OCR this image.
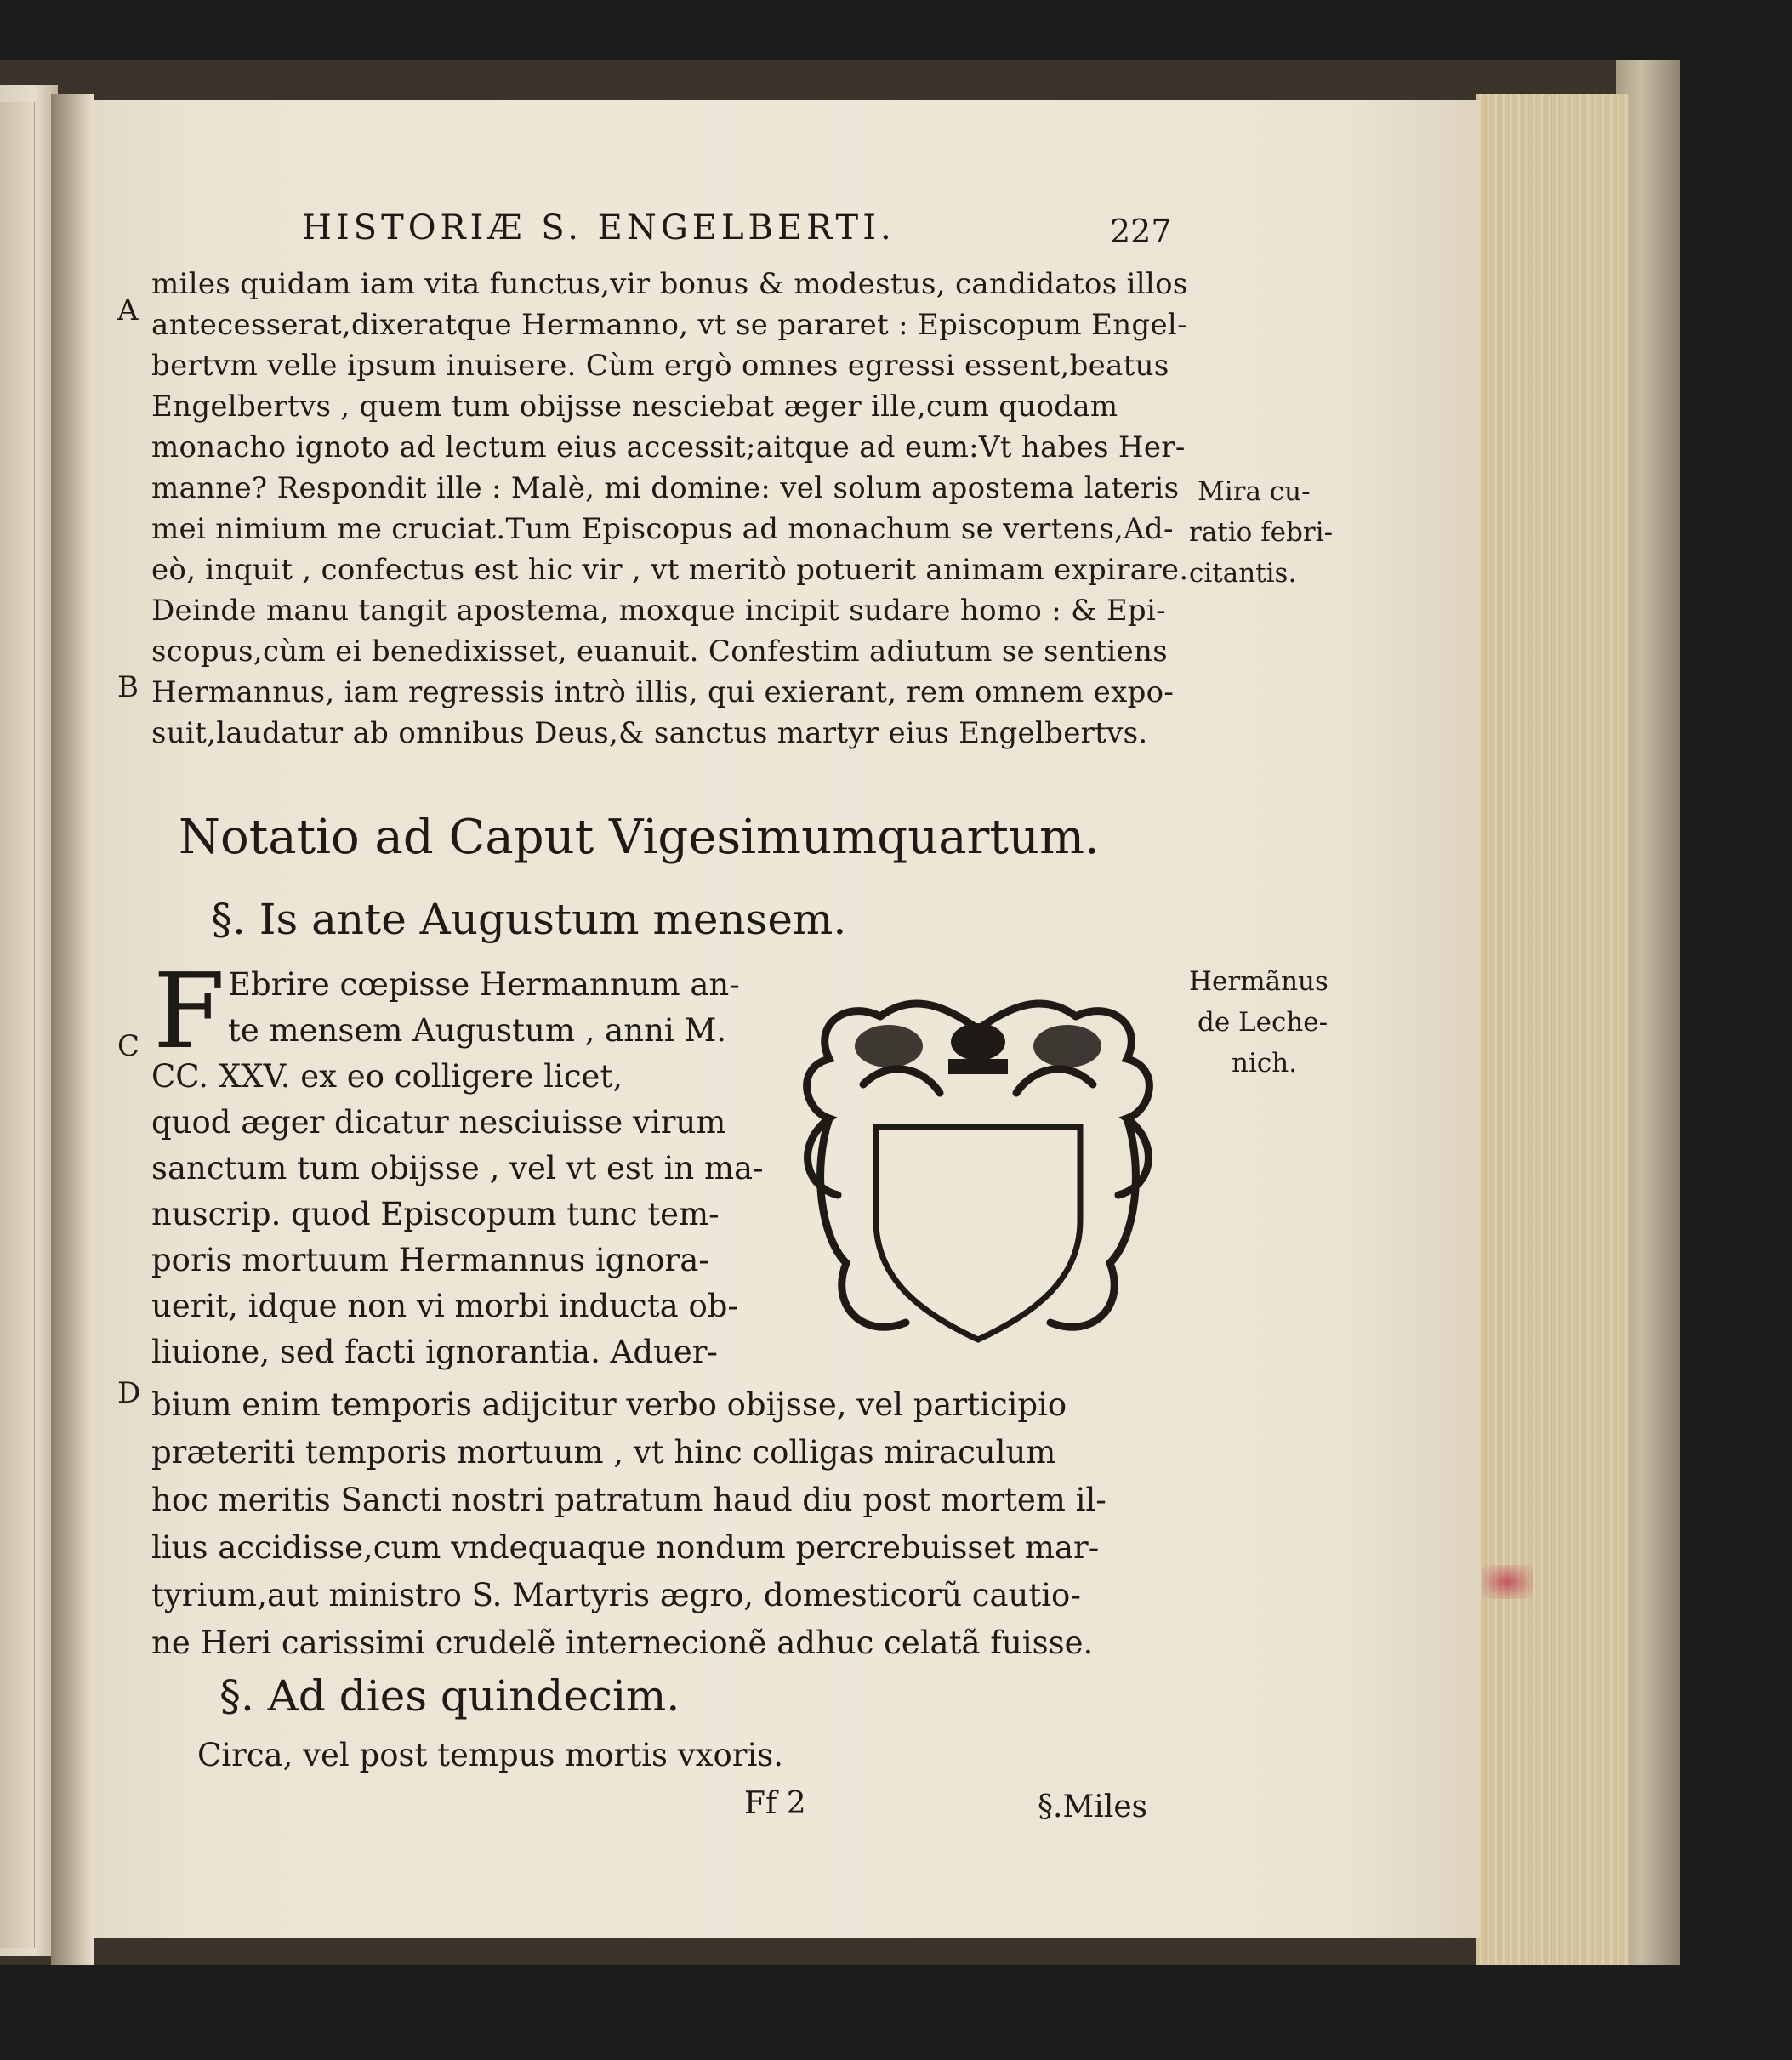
HISTORIÆ S. ENGELBERTI.	227
A
B
C
D
miles quidam iam vita functus,vir bonus & modestus, candidatos illos
antecesserat,dixeratque Hermanno, vt se pararet : Episcopum Engel-
bertvm velle ipsum inuisere. Cùm ergò omnes egressi essent,beatus
Engelbertvs , quem tum obijsse nesciebat æger ille,cum quodam
monacho ignoto ad lectum eius accessit;aitque ad eum:Vt habes Her-
manne? Respondit ille : Malè, mi domine: vel solum apostema lateris
mei nimium me cruciat.Tum Episcopus ad monachum se vertens,Ad-
eò, inquit , confectus est hic vir , vt meritò potuerit animam expirare.
Deinde manu tangit apostema, moxque incipit sudare homo : & Epi-
scopus,cùm ei benedixisset, euanuit. Confestim adiutum se sentiens
Hermannus, iam regressis intrò illis, qui exierant, rem omnem expo-
suit,laudatur ab omnibus Deus,& sanctus martyr eius Engelbertvs.
Mira cu-
ratio febri-
citantis.
Notatio ad Caput Vigesimumquartum.
§. Is ante Augustum mensem.
F Ebrire cœpisse Hermannum an-
te mensem Augustum , anni M.
CC. XXV. ex eo colligere licet,
quod æger dicatur nesciuisse virum
sanctum tum obijsse , vel vt est in ma-
nuscrip. quod Episcopum tunc tem-
poris mortuum Hermannus ignora-
uerit, idque non vi morbi inducta ob-
liuione, sed facti ignorantia. Aduer-
Hermãnus
de Leche-
nich.
bium enim temporis adijcitur verbo obijsse, vel participio
præteriti temporis mortuum , vt hinc colligas miraculum
hoc meritis Sancti nostri patratum haud diu post mortem il-
lius accidisse,cum vndequaque nondum percrebuisset mar-
tyrium,aut ministro S. Martyris ægro, domesticorũ cautio-
ne Heri carissimi crudelẽ internecionẽ adhuc celatã fuisse.
§. Ad dies quindecim.
Circa, vel post tempus mortis vxoris.
Ff 2	§.Miles
